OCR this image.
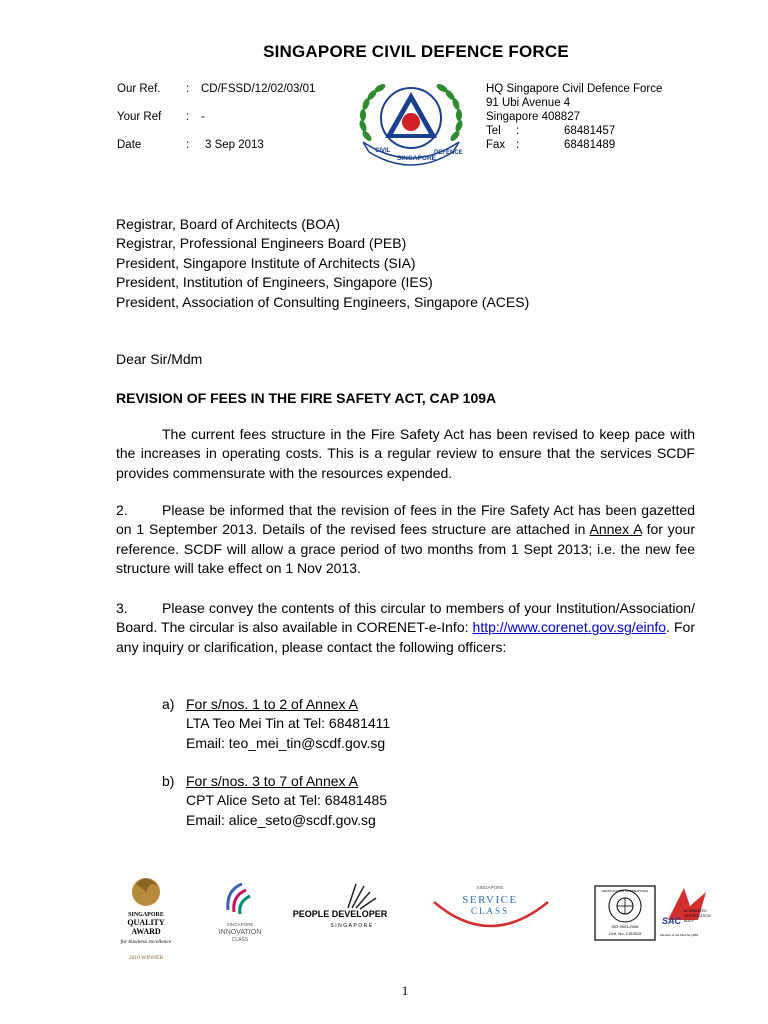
SINGAPORE CIVIL DEFENCE FORCE
Our Ref. : CD/FSSD/12/02/03/01
Your Ref : -
Date	: 3 Sep 2013	CIVIL
SINGAPORE
DEFENCE
HQ Singapore Civil Defence Force
91 Ubi Avenue 4
Singapore 408827
Tel :	68481457
Fax :	68481489
Registrar, Board of Architects (BOA)
Registrar, Professional Engineers Board (PEB)
President, Singapore Institute of Architects (SIA)
President, Institution of Engineers, Singapore (IES)
President, Association of Consulting Engineers, Singapore (ACES)
Dear Sir/Mdm
REVISION OF FEES IN THE FIRE SAFETY ACT, CAP 109A
The current fees structure in the Fire Safety Act has been revised to keep pace with the increases in operating costs. This is a regular review to ensure that the services SCDF provides commensurate with the resources expended.
2. Please be informed that the revision of fees in the Fire Safety Act has been gazetted on 1 September 2013. Details of the revised fees structure are attached in Annex A for your reference. SCDF will allow a grace period of two months from 1 Sept 2013; i.e. the new fee structure will take effect on 1 Nov 2013.
3. Please convey the contents of this circular to members of your Institution/Association/ Board. The circular is also available in CORENET-e-Info: http://www.corenet.gov.sg/einfo. For any inquiry or clarification, please contact the following officers:
a) For s/nos. 1 to 2 of Annex A
LTA Teo Mei Tin at Tel: 68481411
Email: teo_mei_tin@scdf.gov.sg
b) For s/nos. 3 to 7 of Annex A
CPT Alice Seto at Tel: 68481485
Email: alice_seto@scdf.gov.sg
SINGAPORE
QUALITY
AWARD
for business excellence
2010 WINNER
SINGAPORE
INNOVATION
CLASS
PEOPLE DEVELOPER
SINGAPORE
SINGAPORE
SERVICE
CLASS
CERTIFICATION INTERNATIONAL
ISO 9001:2008
Cert. No. CIS3919
SAC
ACCREDITED
CERTIFICATION
BODY
Member of the MLA for QMS
1
